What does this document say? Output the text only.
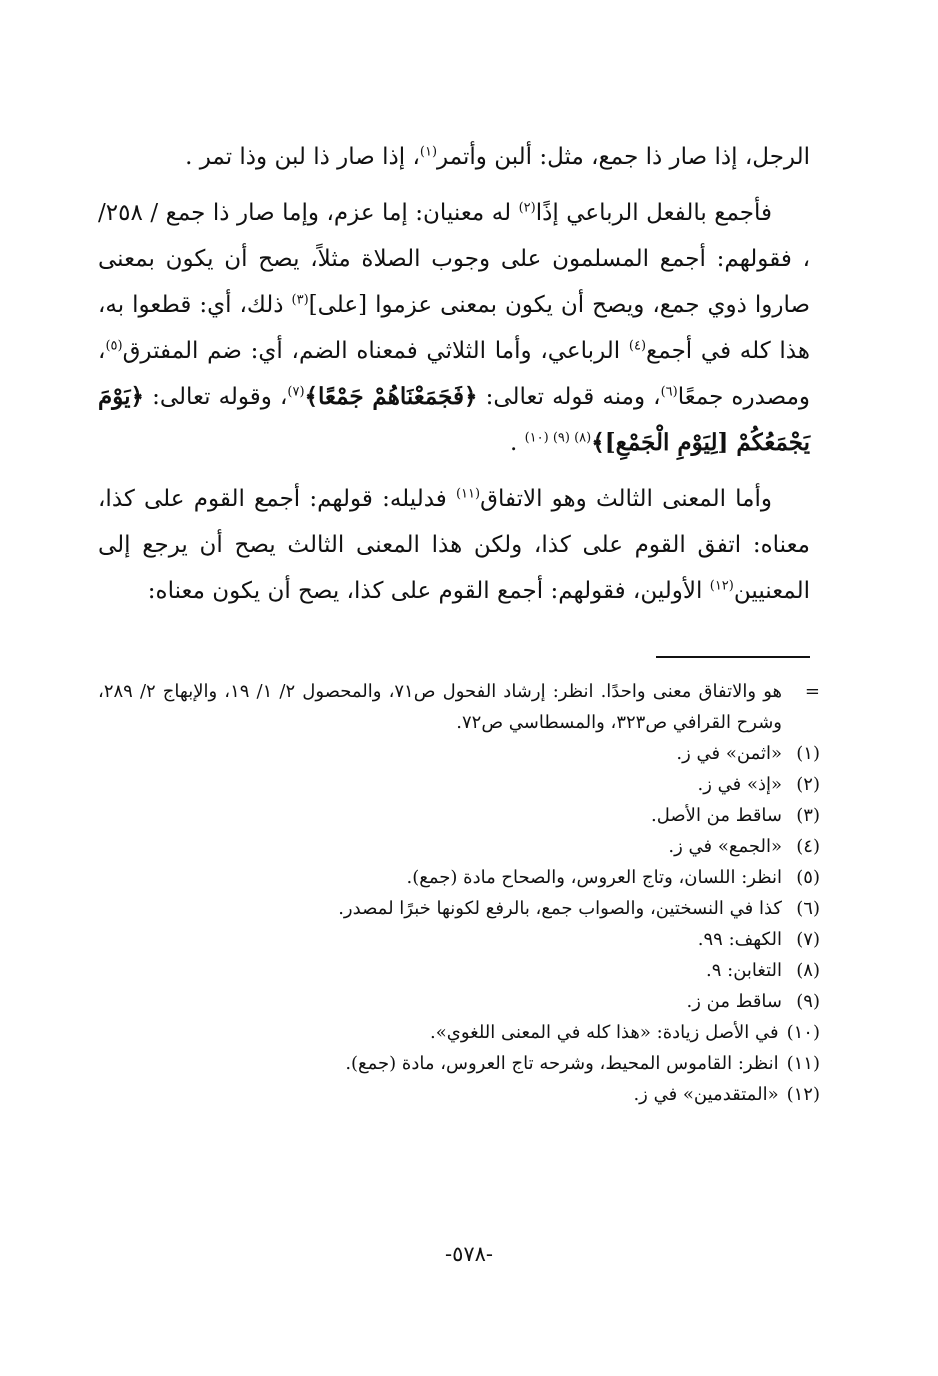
الرجل، إذا صار ذا جمع، مثل: ألبن وأتمر$^{(١)}$، إذا صار ذا لبن وذا تمر .

فأجمع بالفعل الرباعي إذًا$^{(٢)}$ له معنيان: إما عزم، وإما صار ذا جمع / ٢٥٨/ ، فقولهم: أجمع المسلمون على وجوب الصلاة مثلاً، يصح أن يكون بمعنى صاروا ذوي جمع، ويصح أن يكون بمعنى عزموا [على]$^{(٣)}$ ذلك، أي: قطعوا به، هذا كله في أجمع$^{(٤)}$ الرباعي، وأما الثلاثي فمعناه الضم، أي: ضم المفترق$^{(٥)}$، ومصدره جمعًا$^{(٦)}$، ومنه قوله تعالى: ﴿فَجَمَعْنَاهُمْ جَمْعًا﴾$^{(٧)}$، وقوله تعالى: ﴿يَوْمَ يَجْمَعُكُمْ [لِيَوْمِ الْجَمْعِ]﴾$^{(٨) (٩) (١٠)}$ .

وأما المعنى الثالث وهو الاتفاق$^{(١١)}$ فدليله: قولهم: أجمع القوم على كذا، معناه: اتفق القوم على كذا، ولكن هذا المعنى الثالث يصح أن يرجع إلى المعنيين$^{(١٢)}$ الأولين، فقولهم: أجمع القوم على كذا، يصح أن يكون معناه:

=
هو والاتفاق معنى واحدًا. انظر: إرشاد الفحول ص٧١، والمحصول ٢/ ١/ ١٩، والإبهاج ٢/ ٢٨٩، وشرح القرافي ص٣٢٣، والمسطاسي ص٧٢.
(١)
«اثمن» في ز.
(٢)
«إذ» في ز.
(٣)
ساقط من الأصل.
(٤)
«الجمع» في ز.
(٥)
انظر: اللسان، وتاج العروس، والصحاح مادة (جمع).
(٦)
كذا في النسختين، والصواب جمع، بالرفع لكونها خبرًا لمصدر.
(٧)
الكهف: ٩٩.
(٨)
التغابن: ٩.
(٩)
ساقط من ز.
(١٠)
في الأصل زيادة: «هذا كله في المعنى اللغوي».
(١١)
انظر: القاموس المحيط، وشرحه تاج العروس، مادة (جمع).
(١٢)
«المتقدمين» في ز.
-٥٧٨-
